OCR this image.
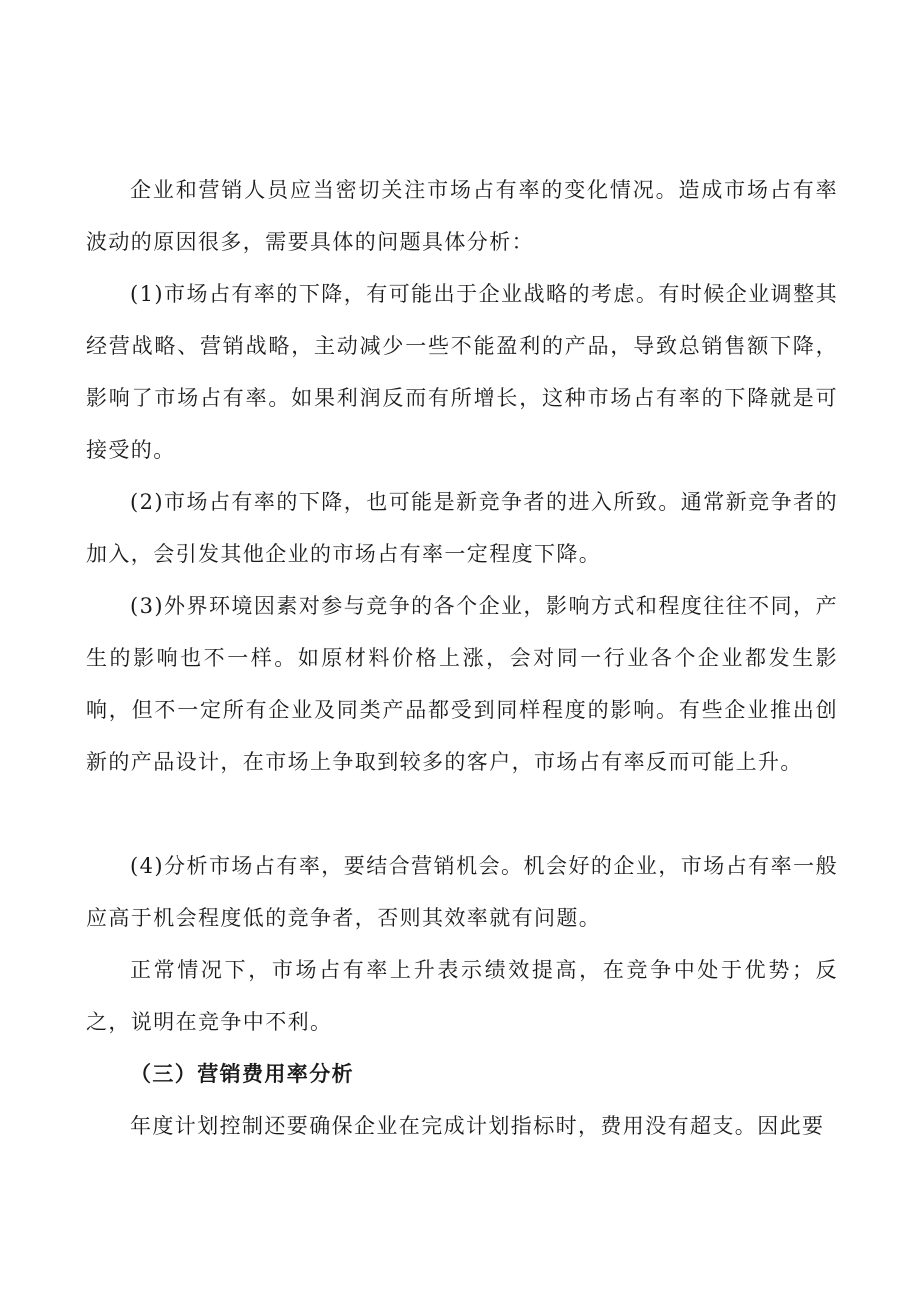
企业和营销人员应当密切关注市场占有率的变化情况。造成市场占有率波动的原因很多，需要具体的问题具体分析：

(1)市场占有率的下降，有可能出于企业战略的考虑。有时候企业调整其经营战略、营销战略，主动减少一些不能盈利的产品，导致总销售额下降，影响了市场占有率。如果利润反而有所增长，这种市场占有率的下降就是可接受的。

(2)市场占有率的下降，也可能是新竞争者的进入所致。通常新竞争者的加入，会引发其他企业的市场占有率一定程度下降。

(3)外界环境因素对参与竞争的各个企业，影响方式和程度往往不同，产生的影响也不一样。如原材料价格上涨，会对同一行业各个企业都发生影响，但不一定所有企业及同类产品都受到同样程度的影响。有些企业推出创新的产品设计，在市场上争取到较多的客户，市场占有率反而可能上升。

(4)分析市场占有率，要结合营销机会。机会好的企业，市场占有率一般应高于机会程度低的竞争者，否则其效率就有问题。

正常情况下，市场占有率上升表示绩效提高，在竞争中处于优势；反之，说明在竞争中不利。

（三）营销费用率分析

年度计划控制还要确保企业在完成计划指标时，费用没有超支。因此要
